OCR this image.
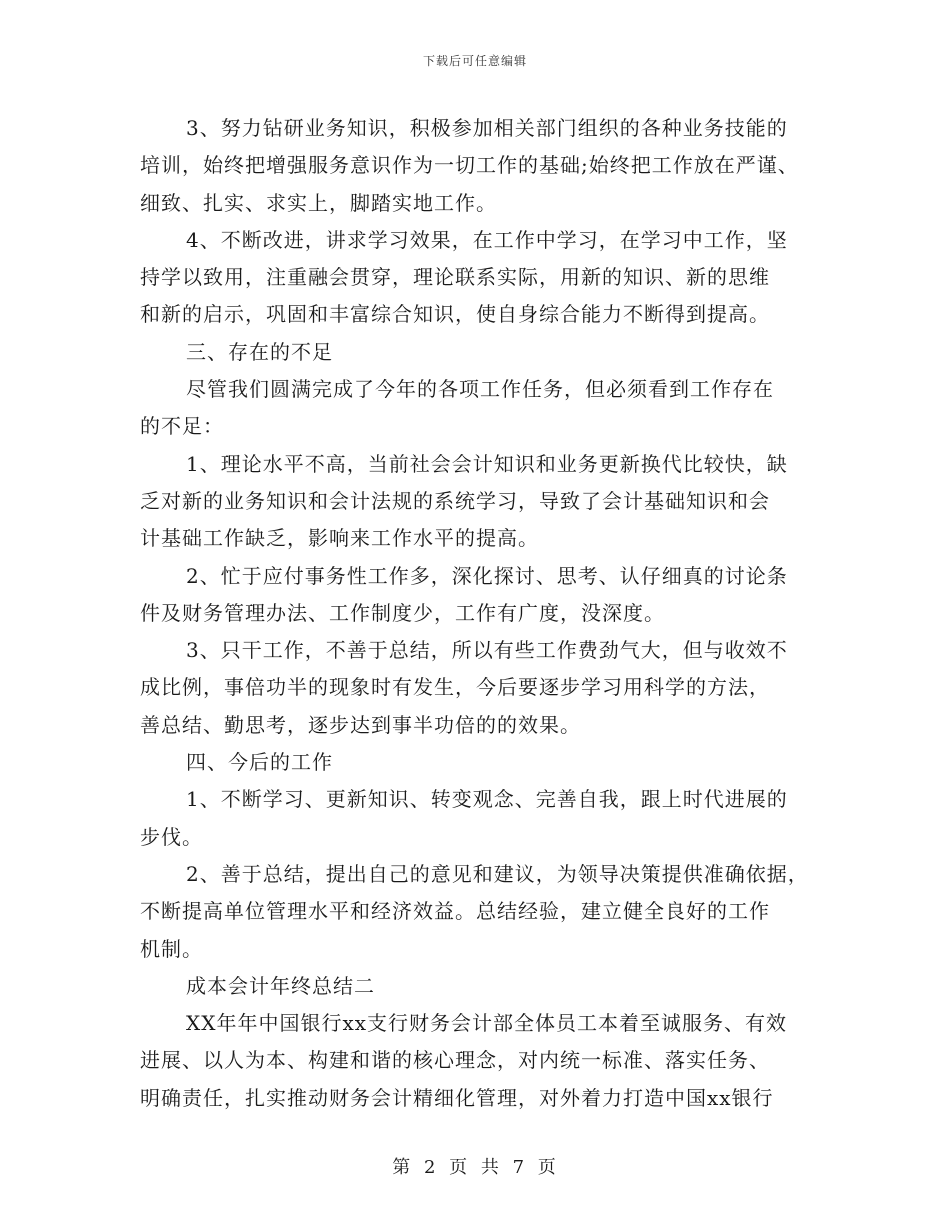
下载后可任意编辑
3、努力钻研业务知识，积极参加相关部门组织的各种业务技能的
培训，始终把增强服务意识作为一切工作的基础;始终把工作放在严谨、
细致、扎实、求实上，脚踏实地工作。
4、不断改进，讲求学习效果，在工作中学习，在学习中工作，坚
持学以致用，注重融会贯穿，理论联系实际，用新的知识、新的思维
和新的启示，巩固和丰富综合知识，使自身综合能力不断得到提高。
三、存在的不足
尽管我们圆满完成了今年的各项工作任务，但必须看到工作存在
的不足：
1、理论水平不高，当前社会会计知识和业务更新换代比较快，缺
乏对新的业务知识和会计法规的系统学习，导致了会计基础知识和会
计基础工作缺乏，影响来工作水平的提高。
2、忙于应付事务性工作多，深化探讨、思考、认仔细真的讨论条
件及财务管理办法、工作制度少，工作有广度，没深度。
3、只干工作，不善于总结，所以有些工作费劲气大，但与收效不
成比例，事倍功半的现象时有发生，今后要逐步学习用科学的方法，
善总结、勤思考，逐步达到事半功倍的的效果。
四、今后的工作
1、不断学习、更新知识、转变观念、完善自我，跟上时代进展的
步伐。
2、善于总结，提出自己的意见和建议，为领导决策提供准确依据，
不断提高单位管理水平和经济效益。总结经验，建立健全良好的工作
机制。
成本会计年终总结二
XX年年中国银行xx支行财务会计部全体员工本着至诚服务、有效
进展、以人为本、构建和谐的核心理念，对内统一标准、落实任务、
明确责任，扎实推动财务会计精细化管理，对外着力打造中国xx银行
第 2 页 共 7 页
